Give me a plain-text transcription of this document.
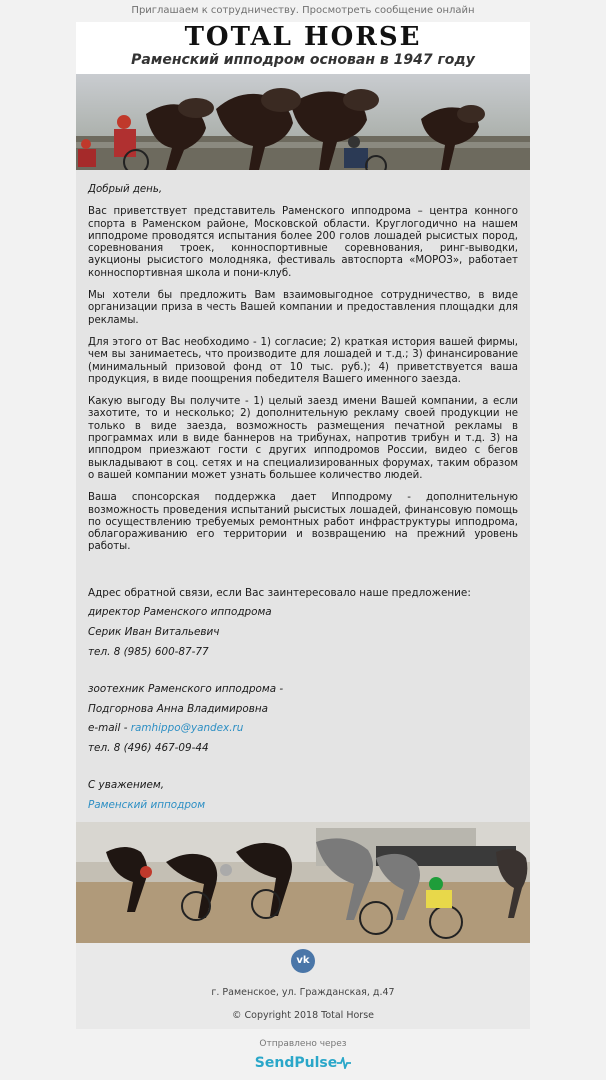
Приглашаем к сотрудничеству. Просмотреть сообщение онлайн
TOTAL HORSE
Раменский ипподром основан в 1947 году

Добрый день,

Вас приветствует представитель Раменского ипподрома – центра конного спорта в Раменском районе, Московской области. Круглогодично на нашем ипподроме проводятся испытания более 200 голов лошадей рысистых пород, соревнования троек, конноспортивные соревнования, ринг-выводки, аукционы рысистого молодняка, фестиваль автоспорта «МОРОЗ», работает конноспортивная школа и пони-клуб.

Мы хотели бы предложить Вам взаимовыгодное сотрудничество, в виде организации приза в честь Вашей компании и предоставления площадки для рекламы.

Для этого от Вас необходимо - 1) согласие; 2) краткая история вашей фирмы, чем вы занимаетесь, что производите для лошадей и т.д.; 3) финансирование (минимальный призовой фонд от 10 тыс. руб.); 4) приветствуется ваша продукция, в виде поощрения победителя Вашего именного заезда.

Какую выгоду Вы получите - 1) целый заезд имени Вашей компании, а если захотите, то и несколько; 2) дополнительную рекламу своей продукции не только в виде заезда, возможность размещения печатной рекламы в программах или в виде баннеров на трибунах, напротив трибун и т.д. 3) на ипподром приезжают гости с других ипподромов России, видео с бегов выкладывают в соц. сетях и на специализированных форумах, таким образом о вашей компании может узнать большее количество людей.

Ваша спонсорская поддержка дает Ипподрому - дополнительную возможность проведения испытаний рысистых лошадей, финансовую помощь по осуществлению требуемых ремонтных работ инфраструктуры ипподрома, облагораживанию его территории и возвращению на прежний уровень работы.

Адрес обратной связи, если Вас заинтересовало наше предложение:
директор Раменского ипподрома
Серик Иван Витальевич
тел. 8 (985) 600-87-77
зоотехник Раменского ипподрома -
Подгорнова Анна Владимировна
e-mail - ramhippo@yandex.ru
тел. 8 (496) 467-09-44
С уважением,
Раменский ипподром
vk
г. Раменское, ул. Гражданская, д.47
© Copyright 2018 Total Horse
Отправлено через
SendPulse
